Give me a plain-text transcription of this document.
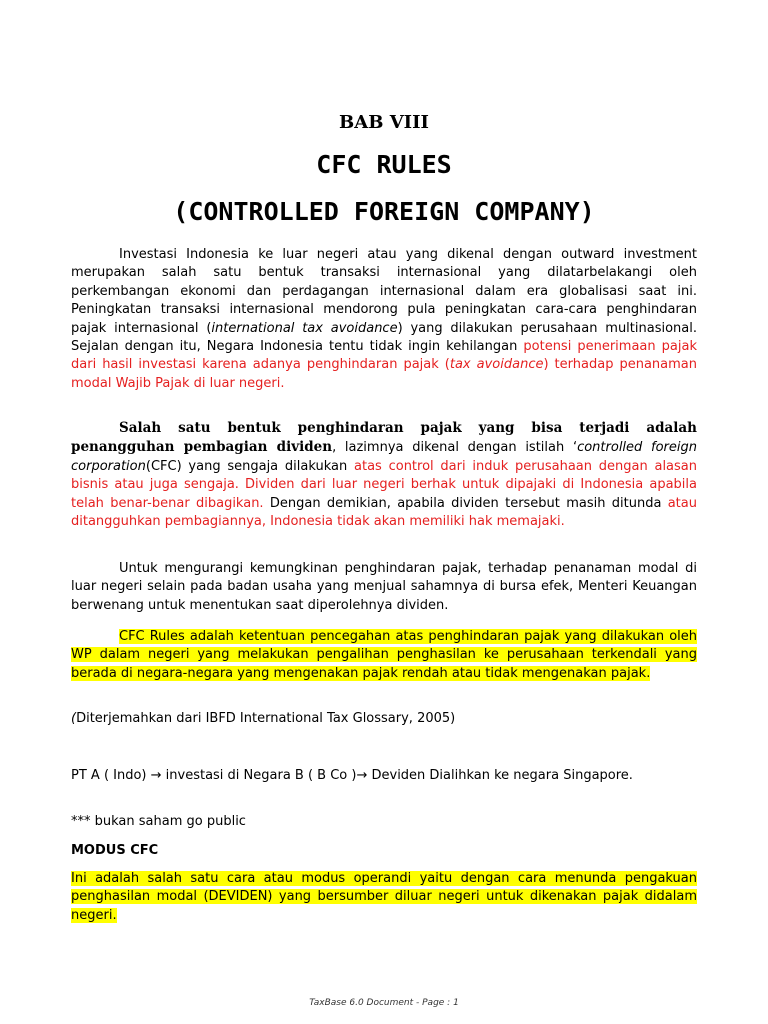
BAB VIII
CFC RULES
(CONTROLLED FOREIGN COMPANY)
Investasi Indonesia ke luar negeri atau yang dikenal dengan outward investment merupakan salah satu bentuk transaksi internasional yang dilatarbelakangi oleh perkembangan ekonomi dan perdagangan internasional dalam era globalisasi saat ini. Peningkatan transaksi internasional mendorong pula peningkatan cara-cara penghindaran pajak internasional (international tax avoidance) yang dilakukan perusahaan multinasional. Sejalan dengan itu, Negara Indonesia tentu tidak ingin kehilangan potensi penerimaan pajak dari hasil investasi karena adanya penghindaran pajak (tax avoidance) terhadap penanaman modal Wajib Pajak di luar negeri.
Salah satu bentuk penghindaran pajak yang bisa terjadi adalah penangguhan pembagian dividen, lazimnya dikenal dengan istilah ‘controlled foreign corporation(CFC) yang sengaja dilakukan atas control dari induk perusahaan dengan alasan bisnis atau juga sengaja. Dividen dari luar negeri berhak untuk dipajaki di Indonesia apabila telah benar-benar dibagikan. Dengan demikian, apabila dividen tersebut masih ditunda atau ditangguhkan pembagiannya, Indonesia tidak akan memiliki hak memajaki.
Untuk mengurangi kemungkinan penghindaran pajak, terhadap penanaman modal di luar negeri selain pada badan usaha yang menjual sahamnya di bursa efek, Menteri Keuangan berwenang untuk menentukan saat diperolehnya dividen.
CFC Rules adalah ketentuan pencegahan atas penghindaran pajak yang dilakukan oleh WP dalam negeri yang melakukan pengalihan penghasilan ke perusahaan terkendali yang berada di negara-negara yang mengenakan pajak rendah atau tidak mengenakan pajak.
(Diterjemahkan dari IBFD International Tax Glossary, 2005)
PT A ( Indo) → investasi di Negara B ( B Co )→ Deviden Dialihkan ke negara Singapore.
*** bukan saham go public
MODUS CFC
Ini adalah salah satu cara atau modus operandi yaitu dengan cara menunda pengakuan penghasilan modal (DEVIDEN) yang bersumber diluar negeri untuk dikenakan pajak didalam negeri.
TaxBase 6.0 Document - Page : 1
